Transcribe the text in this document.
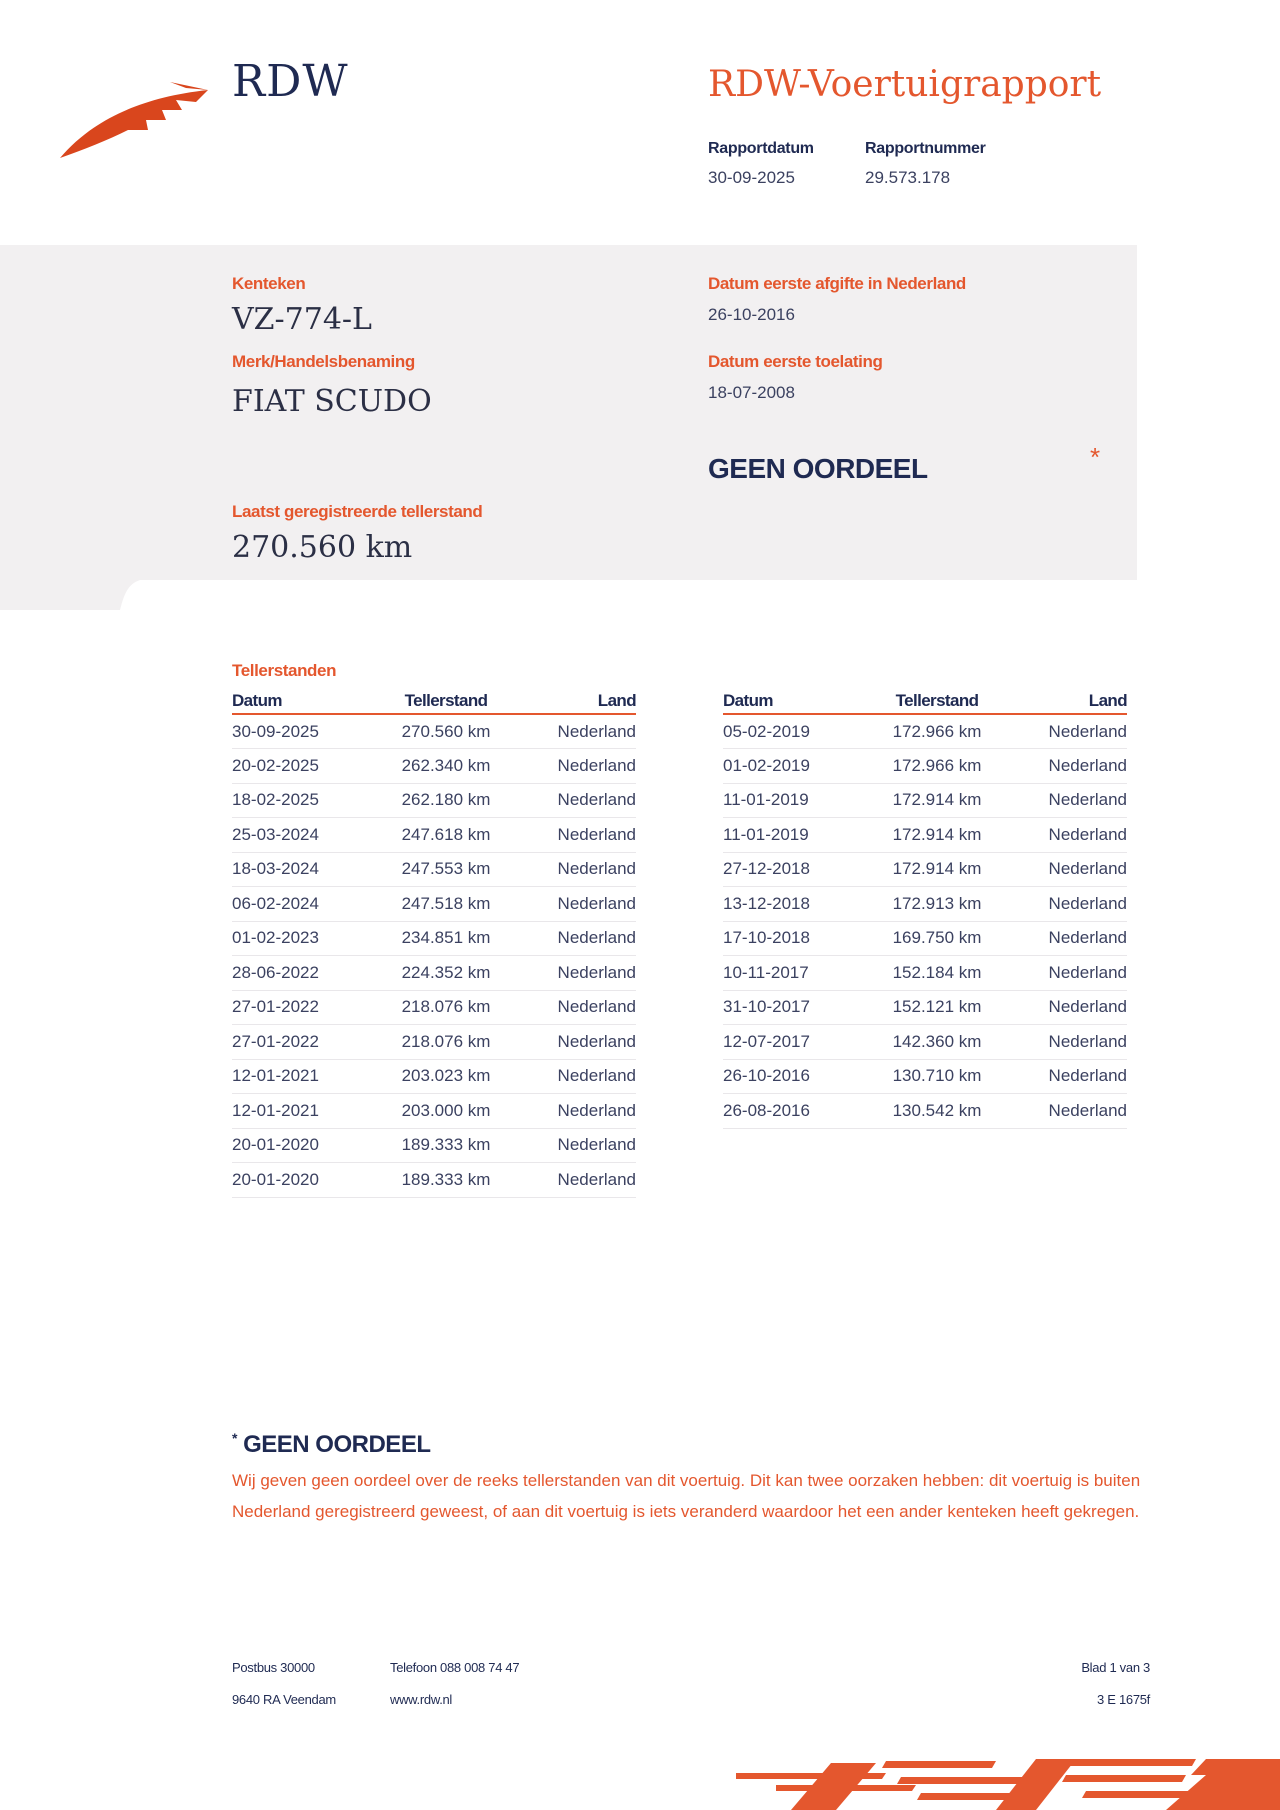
RDW	RDW-Voertuigrapport
Rapportdatum
30-09-2025
Rapportnummer
29.573.178
Kenteken
VZ-774-L
Merk/Handelsbenaming
FIAT SCUDO
Datum eerste afgifte in Nederland
26-10-2016
Datum eerste toelating
18-07-2008
GEEN OORDEEL	*
Laatst geregistreerde tellerstand
270.560 km
Tellerstanden
Datum	Tellerstand	Land
30-09-2025	270.560 km	Nederland
20-02-2025	262.340 km	Nederland
18-02-2025	262.180 km	Nederland
25-03-2024	247.618 km	Nederland
18-03-2024	247.553 km	Nederland
06-02-2024	247.518 km	Nederland
01-02-2023	234.851 km	Nederland
28-06-2022	224.352 km	Nederland
27-01-2022	218.076 km	Nederland
27-01-2022	218.076 km	Nederland
12-01-2021	203.023 km	Nederland
12-01-2021	203.000 km	Nederland
20-01-2020	189.333 km	Nederland
20-01-2020	189.333 km	Nederland
Datum	Tellerstand	Land
05-02-2019	172.966 km	Nederland
01-02-2019	172.966 km	Nederland
11-01-2019	172.914 km	Nederland
11-01-2019	172.914 km	Nederland
27-12-2018	172.914 km	Nederland
13-12-2018	172.913 km	Nederland
17-10-2018	169.750 km	Nederland
10-11-2017	152.184 km	Nederland
31-10-2017	152.121 km	Nederland
12-07-2017	142.360 km	Nederland
26-10-2016	130.710 km	Nederland
26-08-2016	130.542 km	Nederland
* GEEN OORDEEL
Wij geven geen oordeel over de reeks tellerstanden van dit voertuig. Dit kan twee oorzaken hebben: dit voertuig is buiten Nederland geregistreerd geweest, of aan dit voertuig is iets veranderd waardoor het een ander kenteken heeft gekregen.
Postbus 30000
9640 RA Veendam
Telefoon 088 008 74 47
www.rdw.nl
Blad 1 van 3
3 E 1675f
